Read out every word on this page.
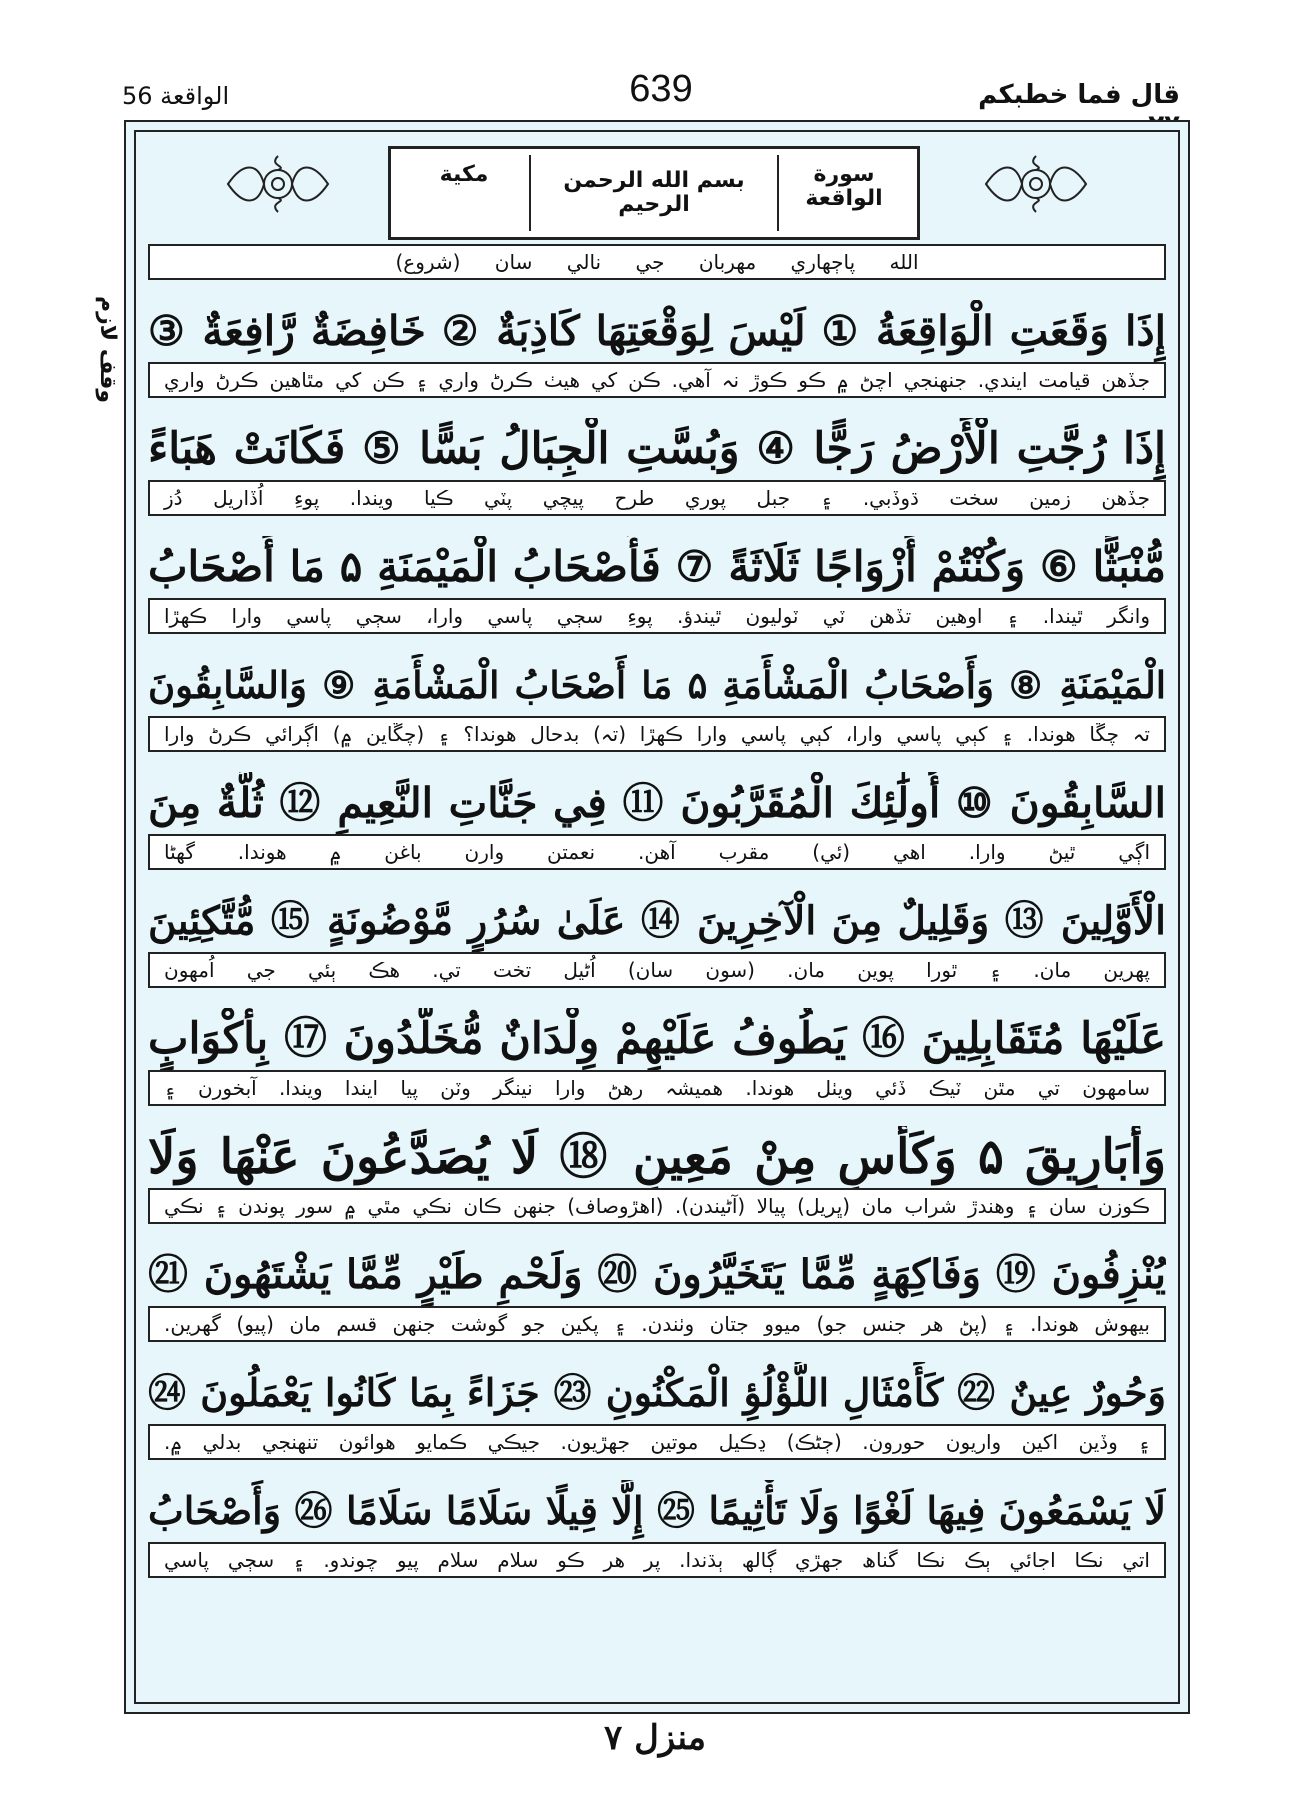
الواقعة 56	639	قال فما خطبكم
وقف لازم
مكية	بسم الله الرحمن الرحيم
سورة الواقعة
الله پاڄھاري مھربان جي نالي سان (شروع)
إِذَا وَقَعَتِ الْوَاقِعَةُ ① لَيْسَ لِوَقْعَتِهَا كَاذِبَةٌ ② خَافِضَةٌ رَّافِعَةٌ ③
جڏھن قيامت ايندي. جنھنجي اچڻ ۾ ڪو ڪوڙ نہ آھي. ڪن کي ھيٺ ڪرڻ واري ۽ ڪن کي مٿاھين ڪرڻ واري
إِذَا رُجَّتِ الْأَرْضُ رَجًّا ④ وَبُسَّتِ الْجِبَالُ بَسًّا ⑤ فَكَانَتْ هَبَاءً
جڏھن زمين سخت ڌوڏبي. ۽ جبل پوري طرح پيچي پٽي ڪيا ويندا. پوءِ اُڏاريل دُز
مُّنْبَثًّا ⑥ وَكُنْتُمْ أَزْوَاجًا ثَلَاثَةً ⑦ فَأَصْحَابُ الْمَيْمَنَةِ ۵ مَا أَصْحَابُ
وانگر ٿيندا. ۽ اوھين تڏھن ٽي ٽوليون ٿيندؤ. پوءِ سڄي پاسي وارا، سڄي پاسي وارا ڪھڙا
الْمَيْمَنَةِ ⑧ وَأَصْحَابُ الْمَشْأَمَةِ ۵ مَا أَصْحَابُ الْمَشْأَمَةِ ⑨ وَالسَّابِقُونَ
تہ چڱا ھوندا. ۽ کٻي پاسي وارا، کٻي پاسي وارا ڪھڙا (تہ) بدحال ھوندا؟ ۽ (چڱاين ۾) اڳرائي ڪرڻ وارا
السَّابِقُونَ ⑩ أُولَٰئِكَ الْمُقَرَّبُونَ ⑪ فِي جَنَّاتِ النَّعِيمِ ⑫ ثُلَّةٌ مِنَ
اڳي ٿيڻ وارا. اھي (ئي) مقرب آھن. نعمتن وارن باغن ۾ ھوندا. گھڻا
الْأَوَّلِينَ ⑬ وَقَلِيلٌ مِنَ الْآخِرِينَ ⑭ عَلَىٰ سُرُرٍ مَّوْضُونَةٍ ⑮ مُّتَّكِئِينَ
پھرين مان. ۽ ٿورا پوين مان. (سون سان) اُڻيل تخت تي. ھڪ ٻئي جي اُمھون
عَلَيْهَا مُتَقَابِلِينَ ⑯ يَطُوفُ عَلَيْهِمْ وِلْدَانٌ مُّخَلَّدُونَ ⑰ بِأَكْوَابٍ
سامھون تي مٿن ٽيڪ ڏئي ويٺل ھوندا. ھميشہ رھڻ وارا نينگر وٽن پيا ايندا ويندا. آبخورن ۽
وَأَبَارِيقَ ۵ وَكَأْسٍ مِنْ مَعِينٍ ⑱ لَا يُصَدَّعُونَ عَنْهَا وَلَا
ڪوزن سان ۽ وھندڙ شراب مان (ڀريل) پيالا (آڻيندن). (اھڙوصاف) جنھن ڪان نڪي مٿي ۾ سور پوندن ۽ نڪي
يُنْزِفُونَ ⑲ وَفَاكِهَةٍ مِّمَّا يَتَخَيَّرُونَ ⑳ وَلَحْمِ طَيْرٍ مِّمَّا يَشْتَهُونَ ㉑
بيھوش ھوندا. ۽ (پڻ ھر جنس جو) ميوو جتان وٺندن. ۽ پکين جو گوشت جنھن قسم مان (پيو) گھرين.
وَحُورٌ عِينٌ ㉒ كَأَمْثَالِ اللُّؤْلُؤِ الْمَكْنُونِ ㉓ جَزَاءً بِمَا كَانُوا يَعْمَلُونَ ㉔
۽ وڏين اکين واريون حورون. (ڄڻڪ) ڍڪيل موتين جھڙيون. جيڪي ڪمايو ھوائون تنھنجي بدلي ۾.
لَا يَسْمَعُونَ فِيهَا لَغْوًا وَلَا تَأْثِيمًا ㉕ إِلَّا قِيلًا سَلَامًا سَلَامًا ㉖ وَأَصْحَابُ
اتي نڪا اجائي ٻڪ نڪا گناھ جھڙي ڳالھ ٻڌندا. پر ھر ڪو سلام سلام پيو چوندو. ۽ سڄي پاسي
منزل ٧
